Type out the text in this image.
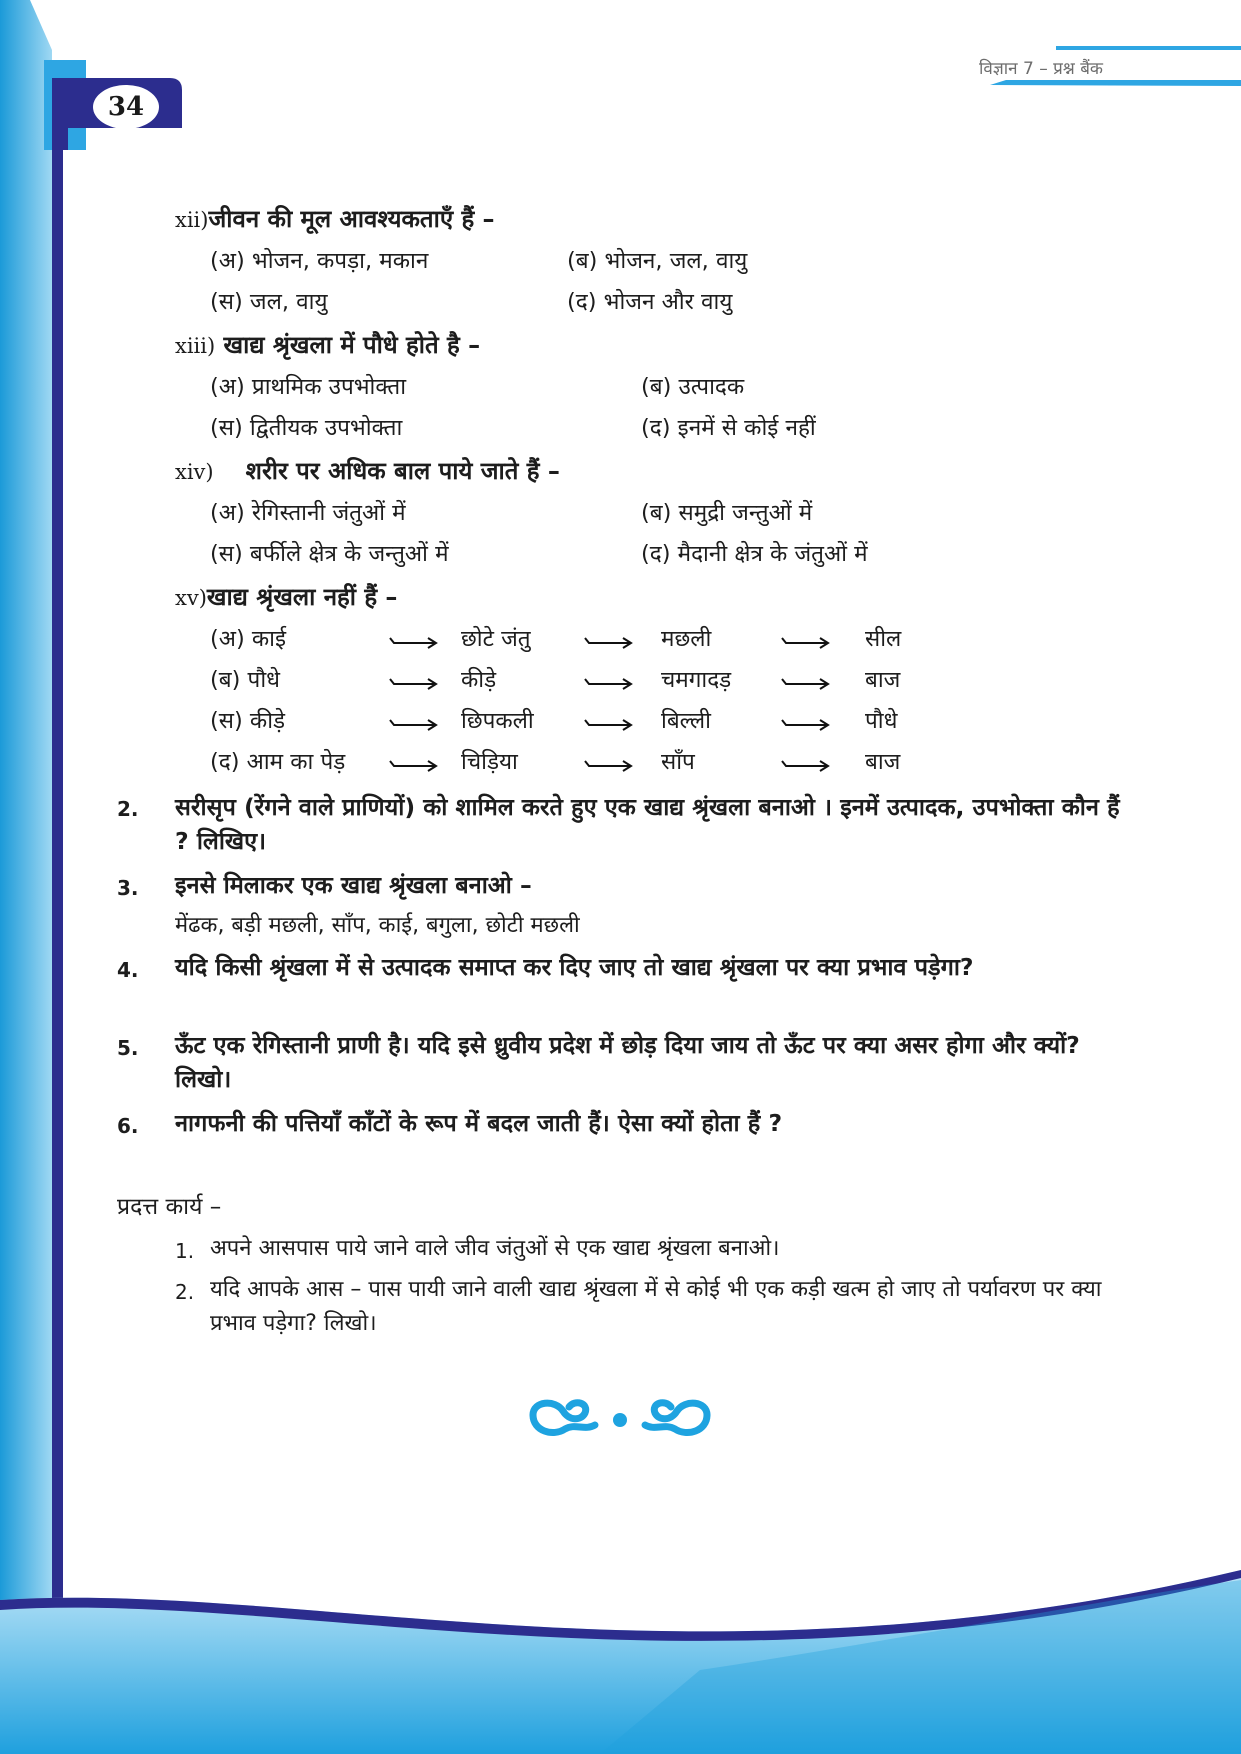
विज्ञान 7 – प्रश्न बैंक
34
xii)जीवन की मूल आवश्यकताएँ हैं –
(अ) भोजन, कपड़ा, मकान	(ब) भोजन, जल, वायु
(स) जल, वायु	(द) भोजन और वायु
xiii) खाद्य श्रृंखला में पौधे होते है –
(अ) प्राथमिक उपभोक्ता	(ब) उत्पादक
(स) द्वितीयक उपभोक्ता	(द) इनमें से कोई नहीं
xiv) शरीर पर अधिक बाल पाये जाते हैं –
(अ) रेगिस्तानी जंतुओं में	(ब) समुद्री जन्तुओं में
(स) बर्फीले क्षेत्र के जन्तुओं में	(द) मैदानी क्षेत्र के जंतुओं में
xv)खाद्य श्रृंखला नहीं हैं –
(अ) काई	छोटे जंतु	मछली	सील
(ब) पौधे	कीड़े	चमगादड़	बाज
(स) कीड़े	छिपकली	बिल्ली	पौधे
(द) आम का पेड़	चिड़िया	साँप	बाज
2. सरीसृप (रेंगने वाले प्राणियों) को शामिल करते हुए एक खाद्य श्रृंखला बनाओ । इनमें उत्पादक, उपभोक्ता कौन हैं ? लिखिए।
3. इनसे मिलाकर एक खाद्य श्रृंखला बनाओ –
मेंढक, बड़ी मछली, साँप, काई, बगुला, छोटी मछली
4. यदि किसी श्रृंखला में से उत्पादक समाप्त कर दिए जाए तो खाद्य श्रृंखला पर क्या प्रभाव पड़ेगा?
5. ऊँट एक रेगिस्तानी प्राणी है। यदि इसे ध्रुवीय प्रदेश में छोड़ दिया जाय तो ऊँट पर क्या असर होगा और क्यों? लिखो।
6. नागफनी की पत्तियाँ काँटों के रूप में बदल जाती हैं। ऐसा क्यों होता हैं ?
प्रदत्त कार्य –
1. अपने आसपास पाये जाने वाले जीव जंतुओं से एक खाद्य श्रृंखला बनाओ।
2. यदि आपके आस – पास पायी जाने वाली खाद्य श्रृंखला में से कोई भी एक कड़ी खत्म हो जाए तो पर्यावरण पर क्या प्रभाव पड़ेगा? लिखो।
